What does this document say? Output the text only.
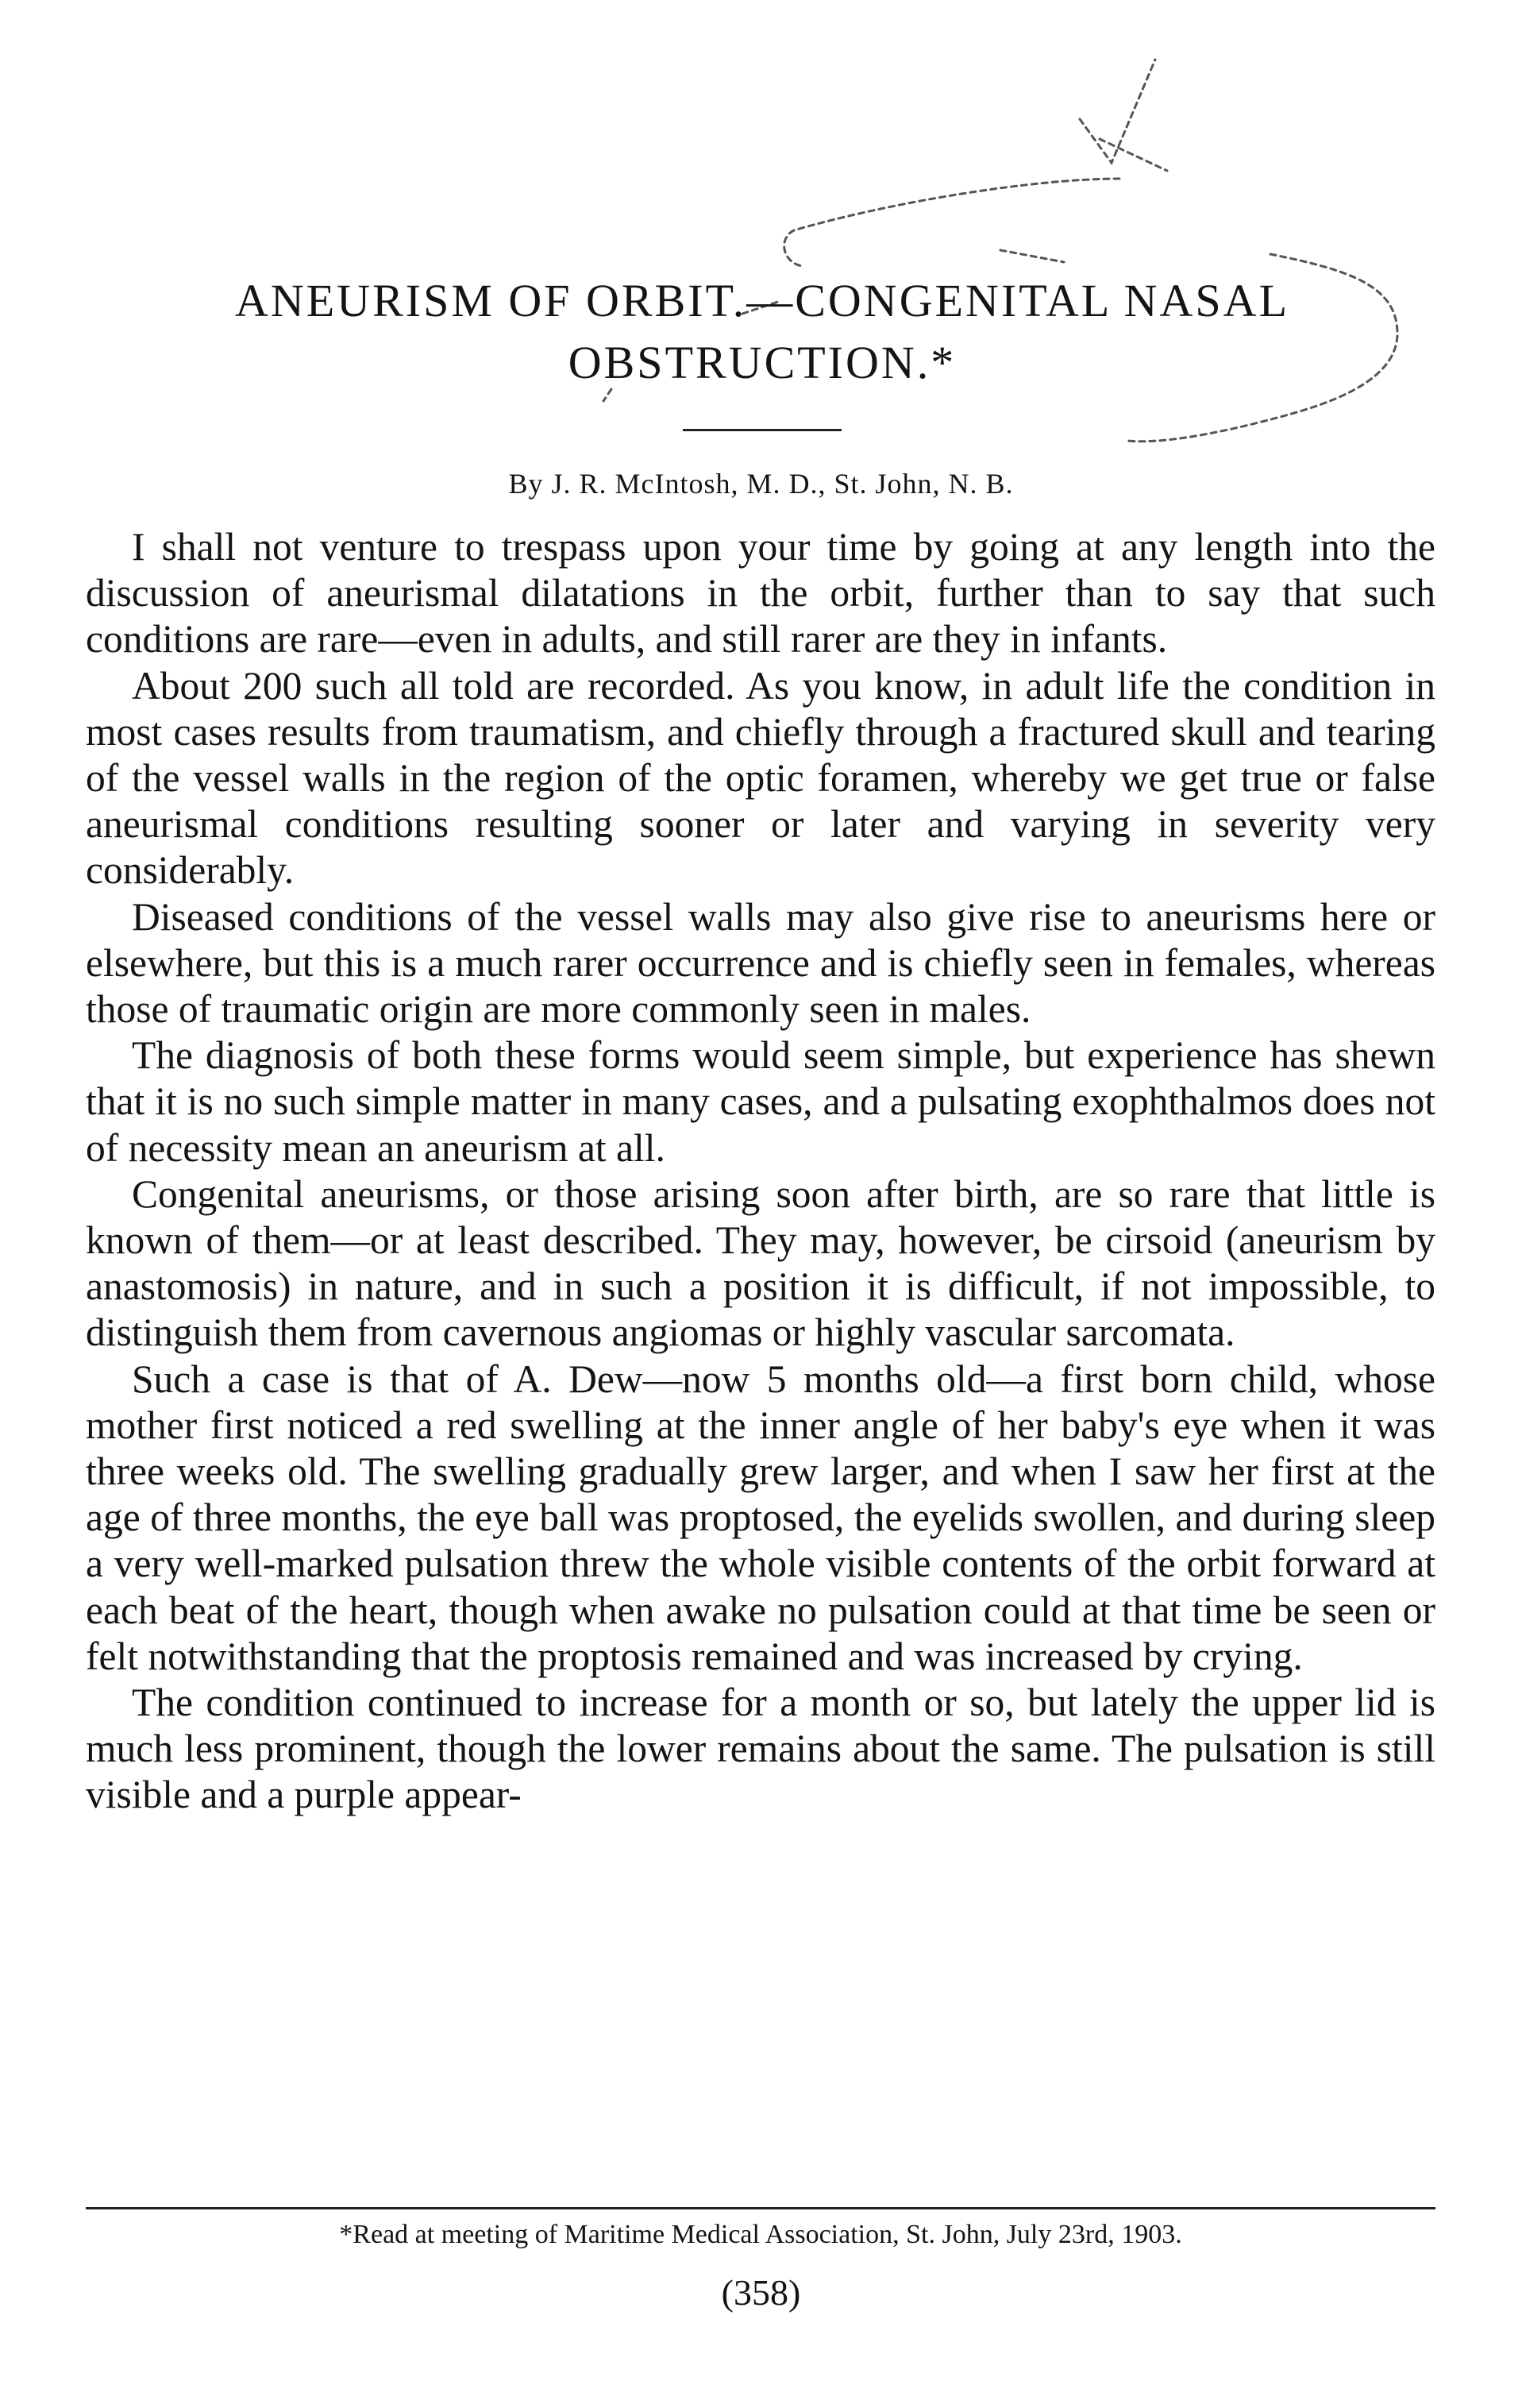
ANEURISM OF ORBIT.—CONGENITAL NASAL
OBSTRUCTION.*
By J. R. McIntosh, M. D., St. John, N. B.

I shall not venture to trespass upon your time by going at any length into the discussion of aneurismal dilatations in the orbit, further than to say that such conditions are rare—even in adults, and still rarer are they in infants.

About 200 such all told are recorded. As you know, in adult life the condition in most cases results from traumatism, and chiefly through a fractured skull and tearing of the vessel walls in the region of the optic foramen, whereby we get true or false aneurismal conditions resulting sooner or later and varying in severity very considerably.

Diseased conditions of the vessel walls may also give rise to aneurisms here or elsewhere, but this is a much rarer occurrence and is chiefly seen in females, whereas those of traumatic origin are more commonly seen in males.

The diagnosis of both these forms would seem simple, but experience has shewn that it is no such simple matter in many cases, and a pulsating exophthalmos does not of necessity mean an aneurism at all.

Congenital aneurisms, or those arising soon after birth, are so rare that little is known of them—or at least described. They may, however, be cirsoid (aneurism by anastomosis) in nature, and in such a position it is difficult, if not impossible, to distinguish them from cavernous angiomas or highly vascular sarcomata.

Such a case is that of A. Dew—now 5 months old—a first born child, whose mother first noticed a red swelling at the inner angle of her baby's eye when it was three weeks old. The swelling gradually grew larger, and when I saw her first at the age of three months, the eye ball was proptosed, the eyelids swollen, and during sleep a very well-marked pulsation threw the whole visible contents of the orbit forward at each beat of the heart, though when awake no pulsation could at that time be seen or felt notwithstanding that the proptosis remained and was increased by crying.

The condition continued to increase for a month or so, but lately the upper lid is much less prominent, though the lower remains about the same. The pulsation is still visible and a purple appear-

*Read at meeting of Maritime Medical Association, St. John, July 23rd, 1903.
(358)
